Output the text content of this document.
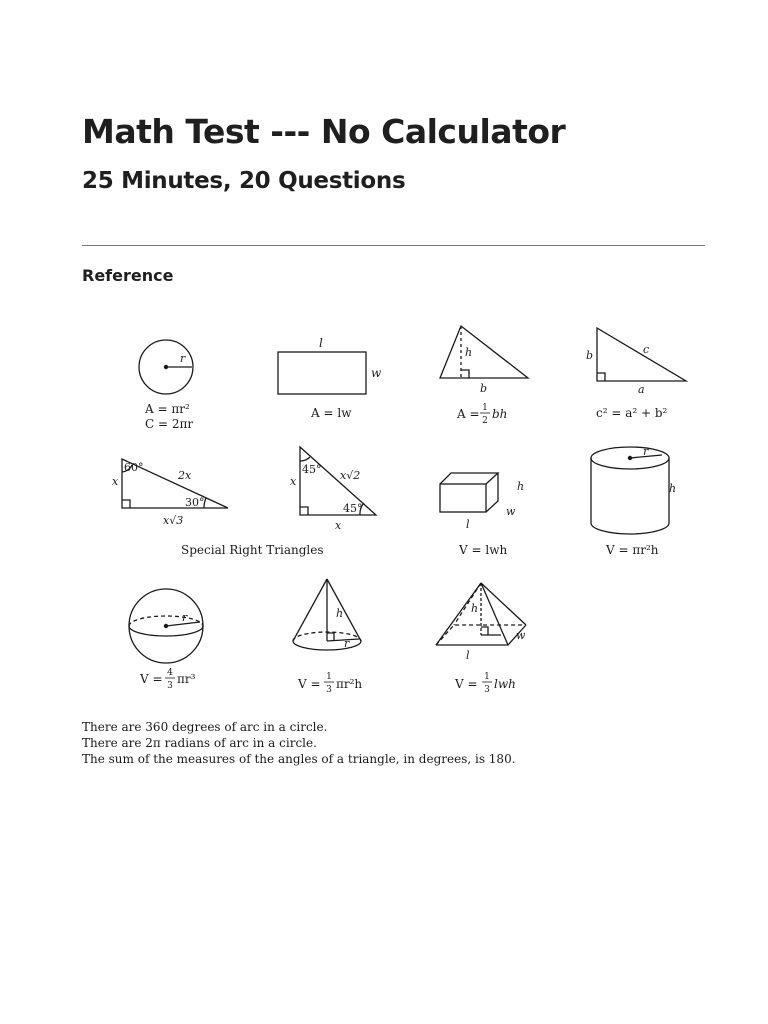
Math Test --- No Calculator
25 Minutes, 20 Questions
Reference
r
A = πr²
C = 2πr
l
w
A = lw
h
b
A = 1
2 bh
b	c
a
c² = a² + b²
60°
30°
x	2x
x√3
45°
45°
x	x√2
x
Special Right Triangles
h
w
l
V = lwh
r
h
V = πr²h
r
V = 4
3 πr³
h
r
V = 1
3 πr²h
h
w
l
V = 1
3 lwh
There are 360 degrees of arc in a circle.
There are 2π radians of arc in a circle.
The sum of the measures of the angles of a triangle, in degrees, is 180.
